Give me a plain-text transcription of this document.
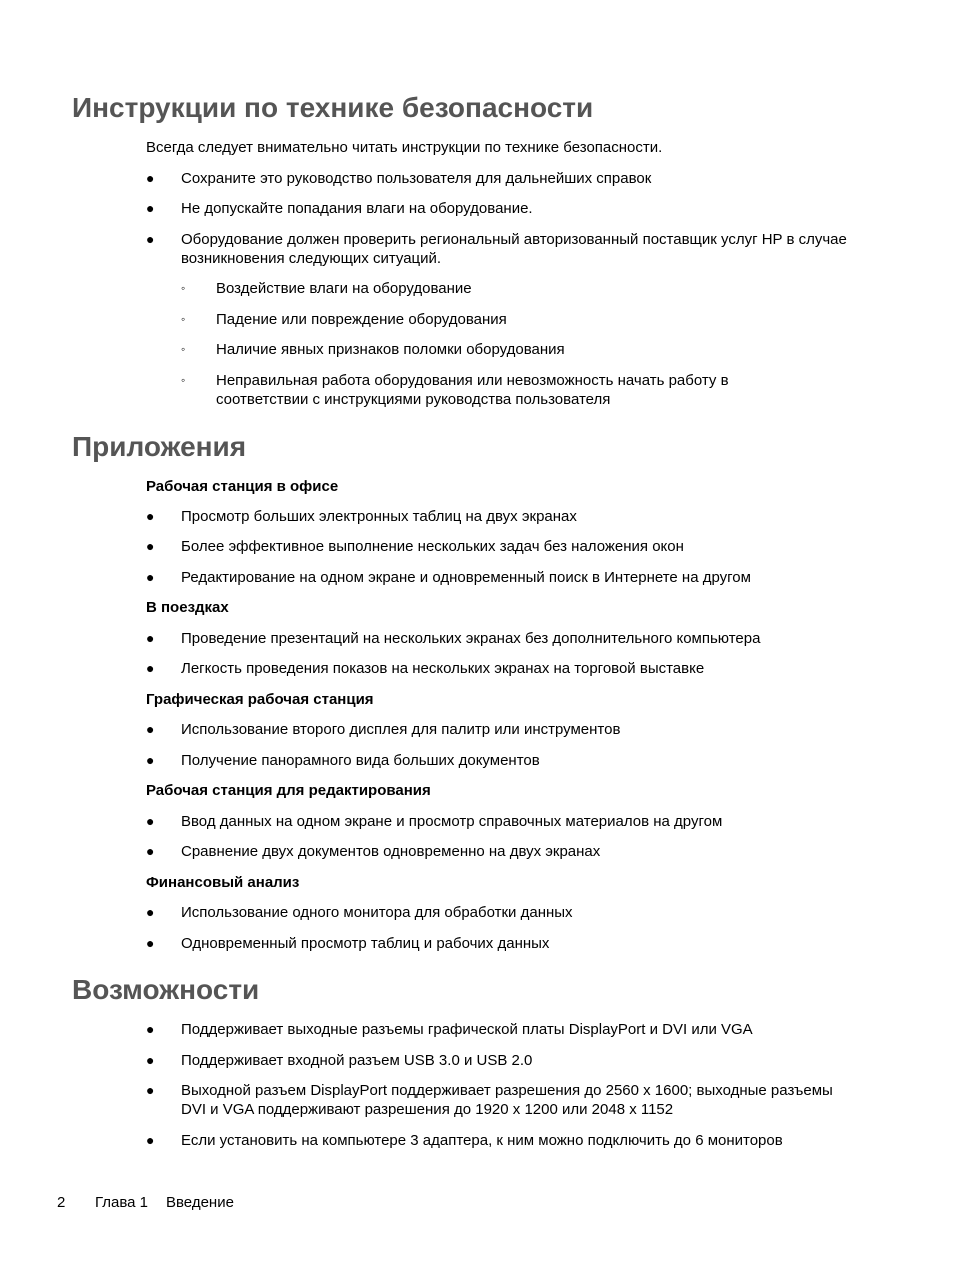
Инструкции по технике безопасности

Всегда следует внимательно читать инструкции по технике безопасности.

● Сохраните это руководство пользователя для дальнейших справок
● Не допускайте попадания влаги на оборудование.
● Оборудование должен проверить региональный авторизованный поставщик услуг HP в случае возникновения следующих ситуаций.
◦ Воздействие влаги на оборудование
◦ Падение или повреждение оборудования
◦ Наличие явных признаков поломки оборудования
◦ Неправильная работа оборудования или невозможность начать работу в соответствии с инструкциями руководства пользователя
Приложения

Рабочая станция в офисе

● Просмотр больших электронных таблиц на двух экранах
● Более эффективное выполнение нескольких задач без наложения окон
● Редактирование на одном экране и одновременный поиск в Интернете на другом

В поездках

● Проведение презентаций на нескольких экранах без дополнительного компьютера
● Легкость проведения показов на нескольких экранах на торговой выставке

Графическая рабочая станция

● Использование второго дисплея для палитр или инструментов
● Получение панорамного вида больших документов

Рабочая станция для редактирования

● Ввод данных на одном экране и просмотр справочных материалов на другом
● Сравнение двух документов одновременно на двух экранах

Финансовый анализ

● Использование одного монитора для обработки данных
● Одновременный просмотр таблиц и рабочих данных
Возможности
● Поддерживает выходные разъемы графической платы DisplayPort и DVI или VGA
● Поддерживает входной разъем USB 3.0 и USB 2.0
● Выходной разъем DisplayPort поддерживает разрешения до 2560 x 1600; выходные разъемы DVI и VGA поддерживают разрешения до 1920 x 1200 или 2048 x 1152
● Если установить на компьютере 3 адаптера, к ним можно подключить до 6 мониторов
2 Глава 1 Введение
